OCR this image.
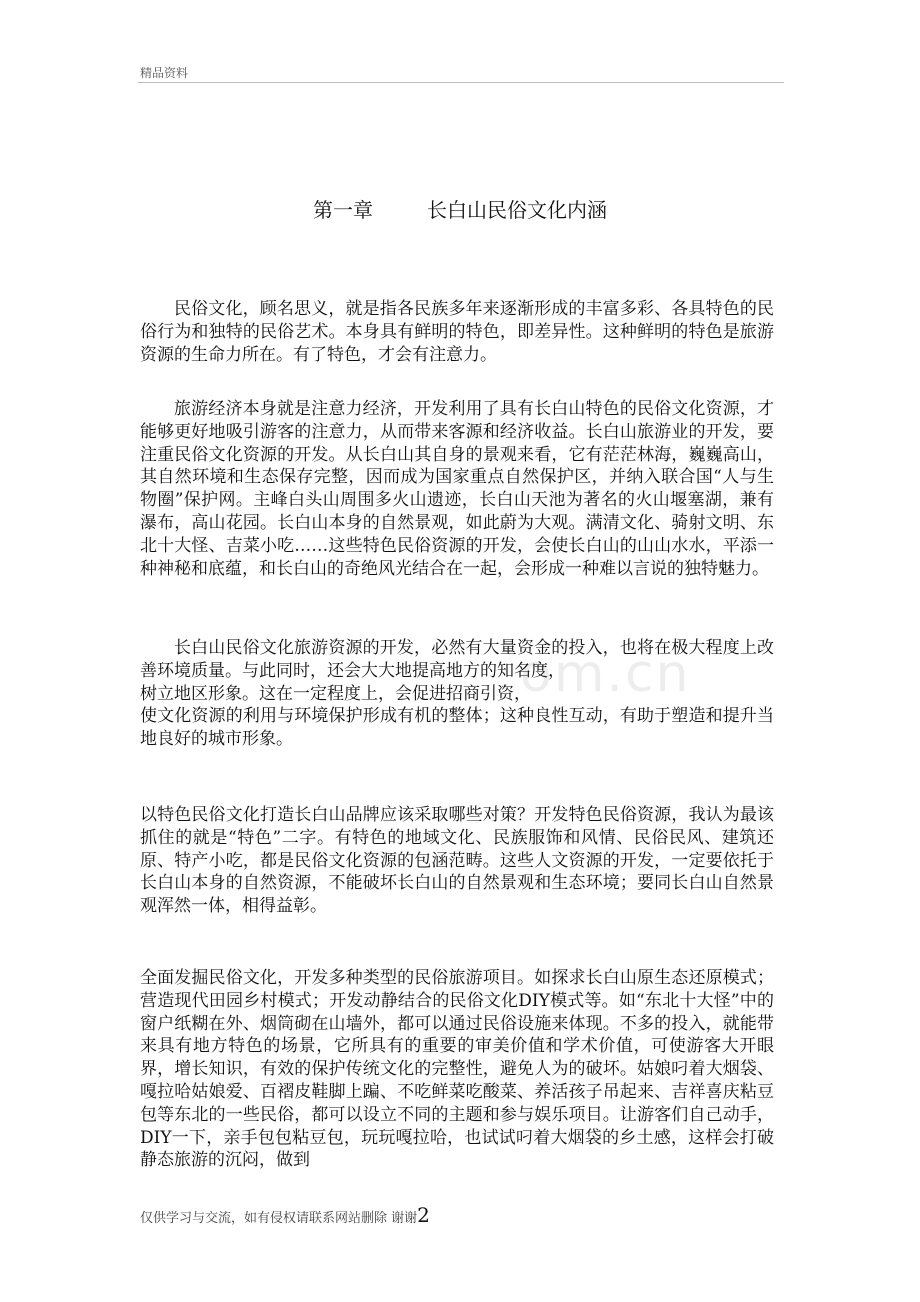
精品资料
第一章	长白山民俗文化内涵
民俗文化，顾名思义，就是指各民族多年来逐渐形成的丰富多彩、各具特色的民俗行为和独特的民俗艺术。本身具有鲜明的特色，即差异性。这种鲜明的特色是旅游资源的生命力所在。有了特色，才会有注意力。
旅游经济本身就是注意力经济，开发利用了具有长白山特色的民俗文化资源，才能够更好地吸引游客的注意力，从而带来客源和经济收益。长白山旅游业的开发，要注重民俗文化资源的开发。从长白山其自身的景观来看，它有茫茫林海，巍巍高山，其自然环境和生态保存完整，因而成为国家重点自然保护区，并纳入联合国“人与生物圈”保护网。主峰白头山周围多火山遗迹，长白山天池为著名的火山堰塞湖，兼有瀑布，高山花园。长白山本身的自然景观，如此蔚为大观。满清文化、骑射文明、东北十大怪、吉菜小吃……这些特色民俗资源的开发，会使长白山的山山水水，平添一种神秘和底蕴，和长白山的奇绝风光结合在一起，会形成一种难以言说的独特魅力。
长白山民俗文化旅游资源的开发，必然有大量资金的投入，也将在极大程度上改善环境质量。与此同时，还会大大地提高地方的知名度，
树立地区形象。这在一定程度上，会促进招商引资，
使文化资源的利用与环境保护形成有机的整体；这种良性互动，有助于塑造和提升当地良好的城市形象。
om.cn
以特色民俗文化打造长白山品牌应该采取哪些对策？开发特色民俗资源，我认为最该抓住的就是“特色”二字。有特色的地域文化、民族服饰和风情、民俗民风、建筑还原、特产小吃，都是民俗文化资源的包涵范畴。这些人文资源的开发，一定要依托于长白山本身的自然资源，不能破坏长白山的自然景观和生态环境；要同长白山自然景观浑然一体，相得益彰。
全面发掘民俗文化，开发多种类型的民俗旅游项目。如探求长白山原生态还原模式；营造现代田园乡村模式；开发动静结合的民俗文化DIY模式等。如“东北十大怪”中的窗户纸糊在外、烟筒砌在山墙外，都可以通过民俗设施来体现。不多的投入，就能带来具有地方特色的场景，它所具有的重要的审美价值和学术价值，可使游客大开眼界，增长知识，有效的保护传统文化的完整性，避免人为的破坏。姑娘叼着大烟袋、嘎拉哈姑娘爱、百褶皮鞋脚上蹁、不吃鲜菜吃酸菜、养活孩子吊起来、吉祥喜庆粘豆包等东北的一些民俗，都可以设立不同的主题和参与娱乐项目。让游客们自己动手，DIY一下，亲手包包粘豆包，玩玩嘎拉哈，也试试叼着大烟袋的乡土感，这样会打破静态旅游的沉闷，做到
仅供学习与交流，如有侵权请联系网站删除 谢谢2
